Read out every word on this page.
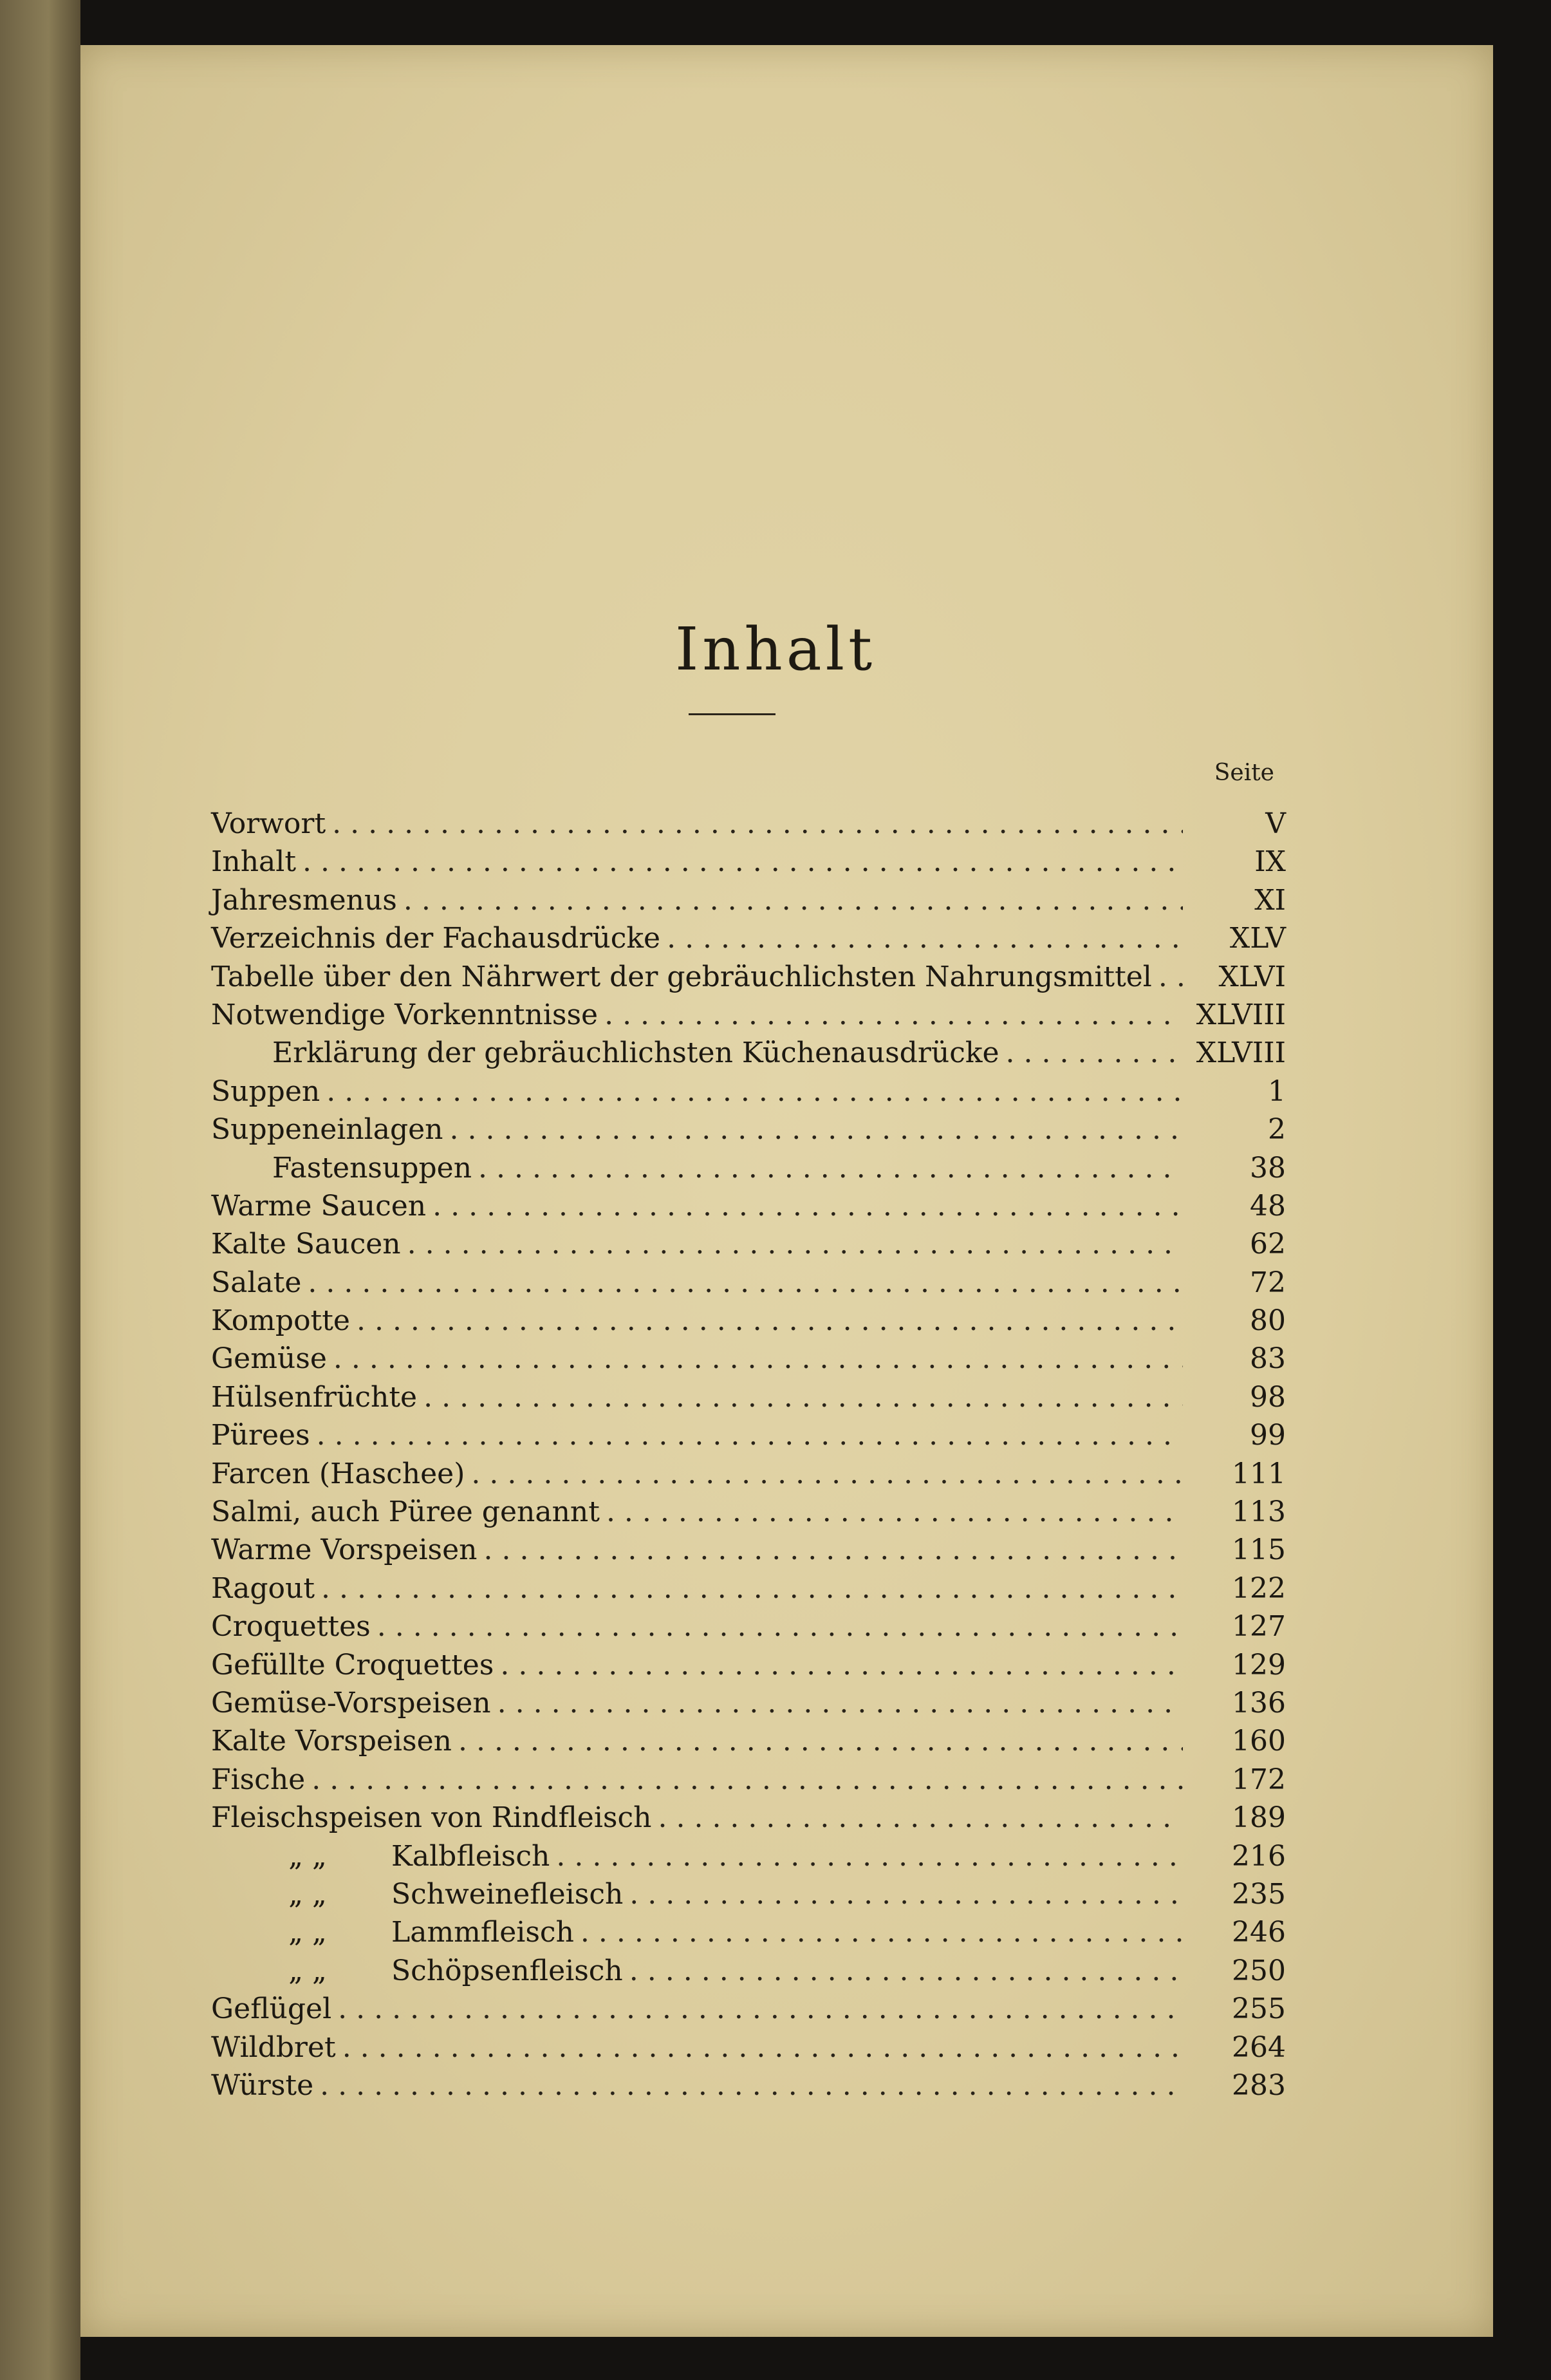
Inhalt
Seite
Vorwort .....	V
Inhalt .....	IX
Jahresmenus .....	XI
Verzeichnis der Fachausdrücke .....	XLV
Tabelle über den Nährwert der gebräuchlichsten Nahrungsmittel .....	XLVI
Notwendige Vorkenntnisse .....	XLVIII
Erklärung der gebräuchlichsten Küchenausdrücke .....	XLVIII
Suppen .....	1
Suppeneinlagen .....	2
Fastensuppen .....	38
Warme Saucen .....	48
Kalte Saucen .....	62
Salate .....	72
Kompotte .....	80
Gemüse .....	83
Hülsenfrüchte .....	98
Pürees .....	99
Farcen (Haschee) .....	111
Salmi, auch Püree genannt .....	113
Warme Vorspeisen .....	115
Ragout .....	122
Croquettes .....	127
Gefüllte Croquettes .....	129
Gemüse-Vorspeisen .....	136
Kalte Vorspeisen .....	160
Fische .....	172
Fleischspeisen von Rindfleisch .....	189
„ „ Kalbfleisch .....	216
„ „ Schweinefleisch .....	235
„ „ Lammfleisch .....	246
„ „ Schöpsenfleisch .....	250
Geflügel .....	255
Wildbret .....	264
Würste .....	283
